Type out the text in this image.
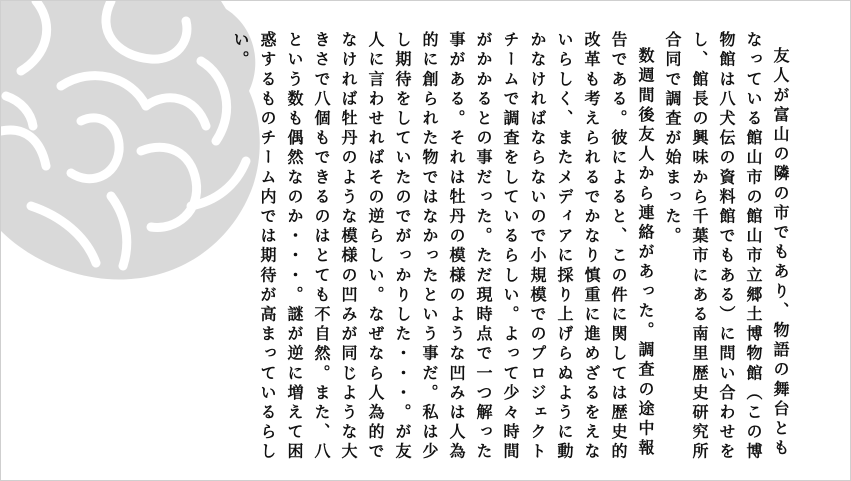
友人が富山の隣の市でもあり、物語の舞台ともなっている館山市の館山市立郷土博物館（この博物館は八犬伝の資料館でもある）に問い合わせをし、館長の興味から千葉市にある南里歴史研究所合同で調査が始まった。

数週間後友人から連絡があった。調査の途中報告である。彼によると、この件に関しては歴史的改革も考えられるでかなり慎重に進めざるをえないらしく、またメディアに採り上げらぬように動かなければならないので小規模でのプロジェクトチームで調査をしているらしい。よって少々時間がかかるとの事だった。ただ現時点で一つ解った事がある。それは牡丹の模様のような凹みは人為的に創られた物ではなかったという事だ。私は少し期待をしていたのでがっかりした・・・。が友人に言わせればその逆らしい。なぜなら人為的でなければ牡丹のような模様の凹みが同じような大きさで八個もできるのはとても不自然。また、八という数も偶然なのか・・・。謎が逆に増えて困惑するものチーム内では期待が高まっているらしい。
